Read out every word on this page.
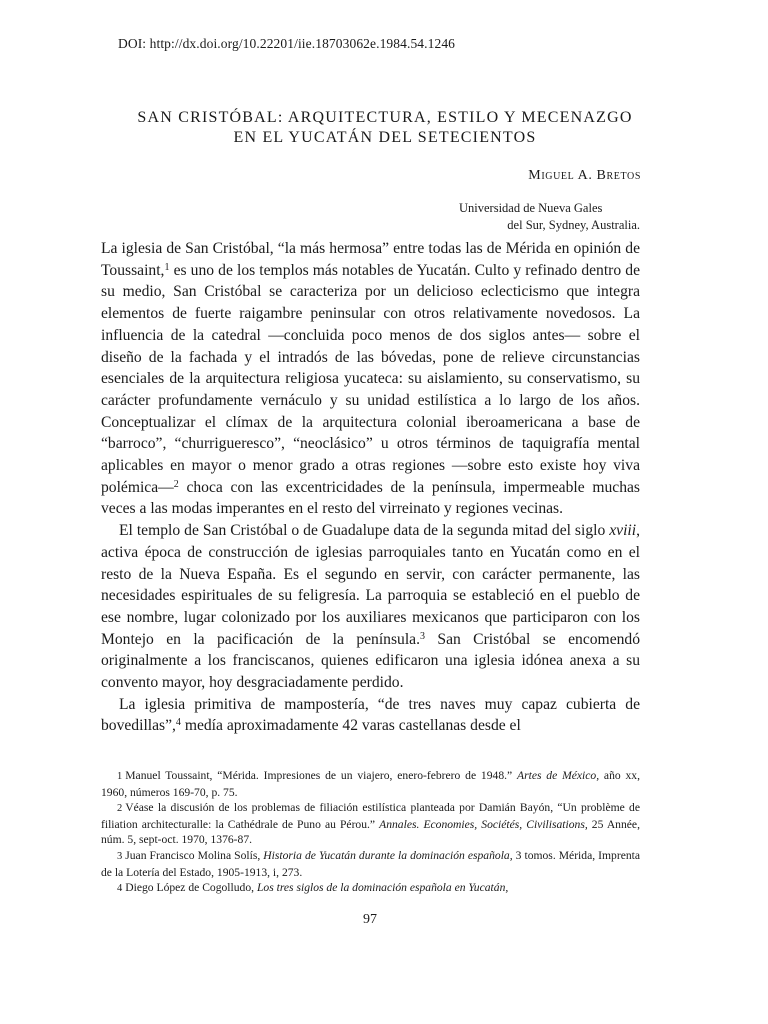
DOI: http://dx.doi.org/10.22201/iie.18703062e.1984.54.1246
SAN CRISTÓBAL: ARQUITECTURA, ESTILO Y MECENAZGO
EN EL YUCATÁN DEL SETECIENTOS
Miguel A. Bretos
Universidad de Nueva Gales
del Sur, Sydney, Australia.

La iglesia de San Cristóbal, “la más hermosa” entre todas las de Mérida en opinión de Toussaint,$^1$ es uno de los templos más notables de Yucatán. Culto y refinado dentro de su medio, San Cristóbal se caracteriza por un delicioso eclecticismo que integra elementos de fuerte raigambre peninsular con otros relativamente novedosos. La influencia de la catedral —concluida poco menos de dos siglos antes— sobre el diseño de la fachada y el intradós de las bóvedas, pone de relieve circunstancias esenciales de la arquitectura religiosa yucateca: su aislamiento, su conservatismo, su carácter profundamente vernáculo y su unidad estilística a lo largo de los años. Conceptualizar el clímax de la arquitectura colonial iberoamericana a base de “barroco”, “churrigueresco”, “neoclásico” u otros términos de taquigrafía mental aplicables en mayor o menor grado a otras regiones —sobre esto existe hoy viva polémica—$^2$ choca con las excentricidades de la península, impermeable muchas veces a las modas imperantes en el resto del virreinato y regiones vecinas.

El templo de San Cristóbal o de Guadalupe data de la segunda mitad del siglo xviii, activa época de construcción de iglesias parroquiales tanto en Yucatán como en el resto de la Nueva España. Es el segundo en servir, con carácter permanente, las necesidades espirituales de su feligresía. La parroquia se estableció en el pueblo de ese nombre, lugar colonizado por los auxiliares mexicanos que participaron con los Montejo en la pacificación de la península.$^3$ San Cristóbal se encomendó originalmente a los franciscanos, quienes edificaron una iglesia idónea anexa a su convento mayor, hoy desgraciadamente perdido.

La iglesia primitiva de mampostería, “de tres naves muy capaz cubierta de bovedillas”,$^4$ medía aproximadamente 42 varas castellanas desde el

1 Manuel Toussaint, “Mérida. Impresiones de un viajero, enero-febrero de 1948.” Artes de México, año xx, 1960, números 169-70, p. 75.

2 Véase la discusión de los problemas de filiación estilística planteada por Damián Bayón, “Un problème de filiation architecturalle: la Cathédrale de Puno au Pérou.” Annales. Economies, Sociétés, Civilisations, 25 Année, núm. 5, sept-oct. 1970, 1376-87.

3 Juan Francisco Molina Solís, Historia de Yucatán durante la dominación española, 3 tomos. Mérida, Imprenta de la Lotería del Estado, 1905-1913, i, 273.

4 Diego López de Cogolludo, Los tres siglos de la dominación española en Yucatán,

97
